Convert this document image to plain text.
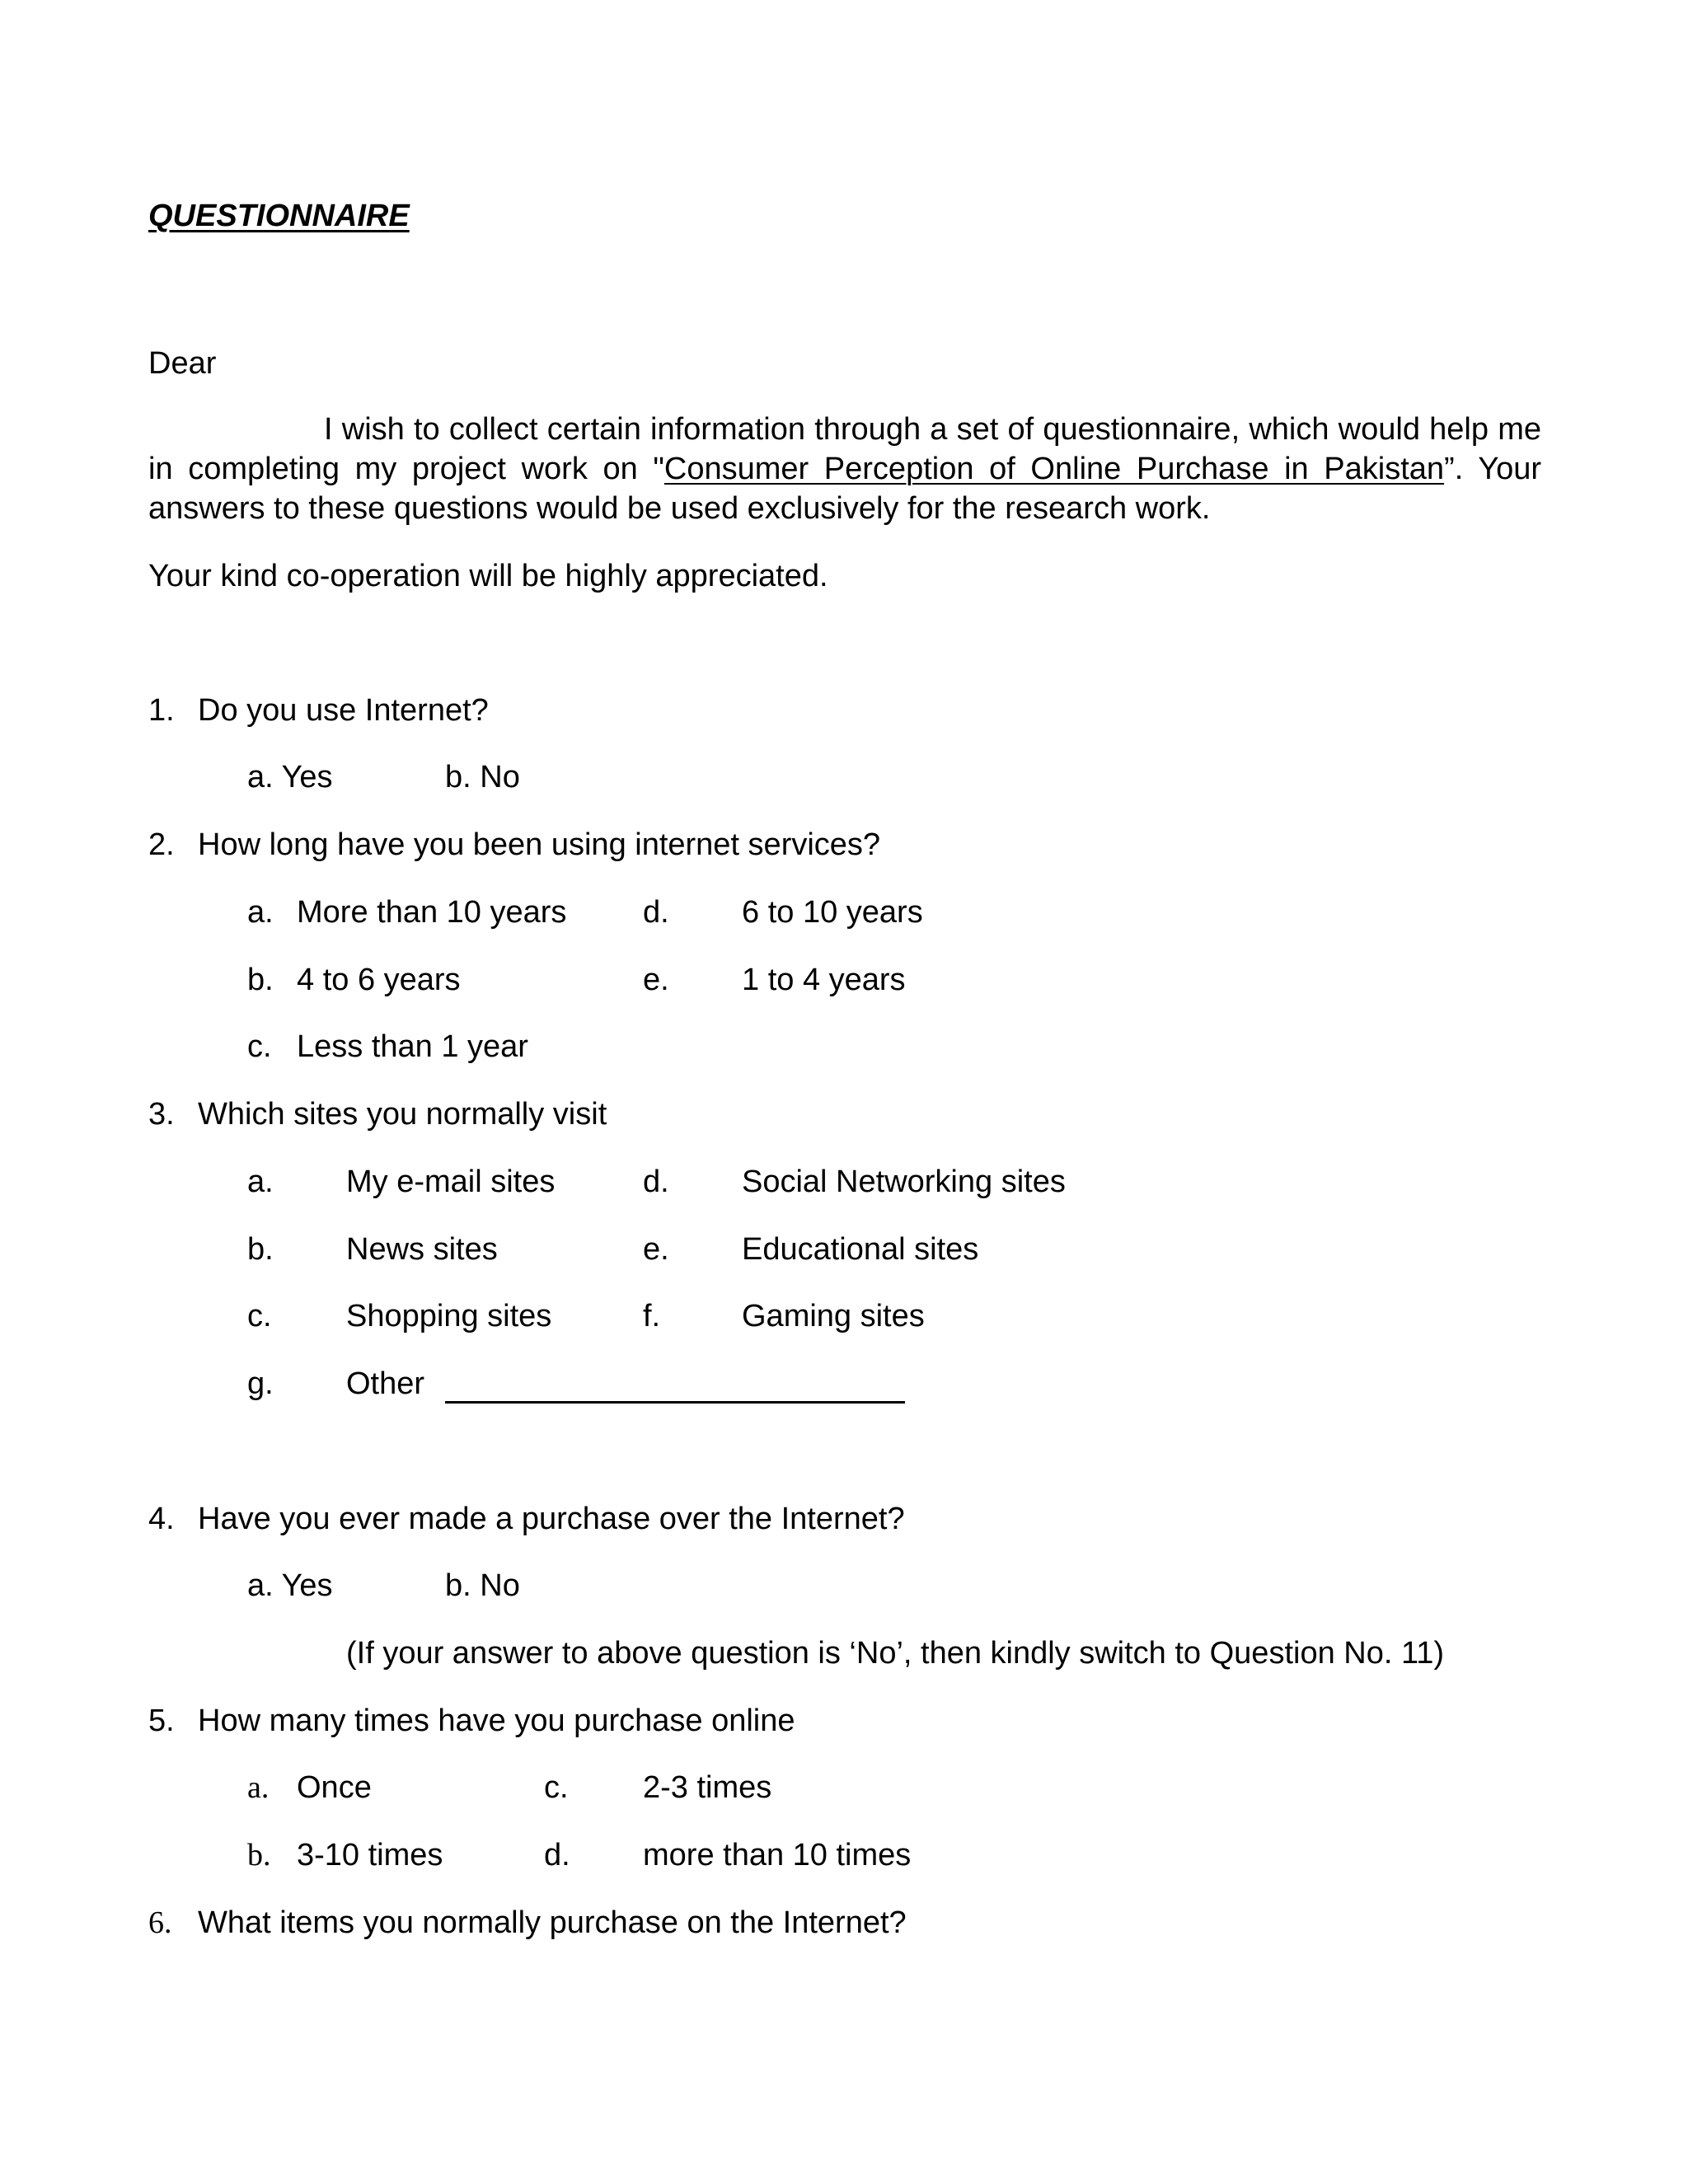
QUESTIONNAIRE
Dear
I wish to collect certain information through a set of questionnaire, which would help me in completing my project work on "Consumer Perception of Online Purchase in Pakistan”. Your answers to these questions would be used exclusively for the research work.
Your kind co-operation will be highly appreciated.
1. Do you use Internet?
a. Yes	b. No
2. How long have you been using internet services?
a. More than 10 years d. 6 to 10 years
b. 4 to 6 years	e. 1 to 4 years
c. Less than 1 year
3. Which sites you normally visit
a. My e-mail sites	d. Social Networking sites
b. News sites	e. Educational sites
c. Shopping sites	f.	Gaming sites
g. Other
4. Have you ever made a purchase over the Internet?
a. Yes	b. No
(If your answer to above question is ‘No’, then kindly switch to Question No. 11)
5. How many times have you purchase online
a. Once	c. 2-3 times
b. 3-10 times	d. more than 10 times
6. What items you normally purchase on the Internet?
